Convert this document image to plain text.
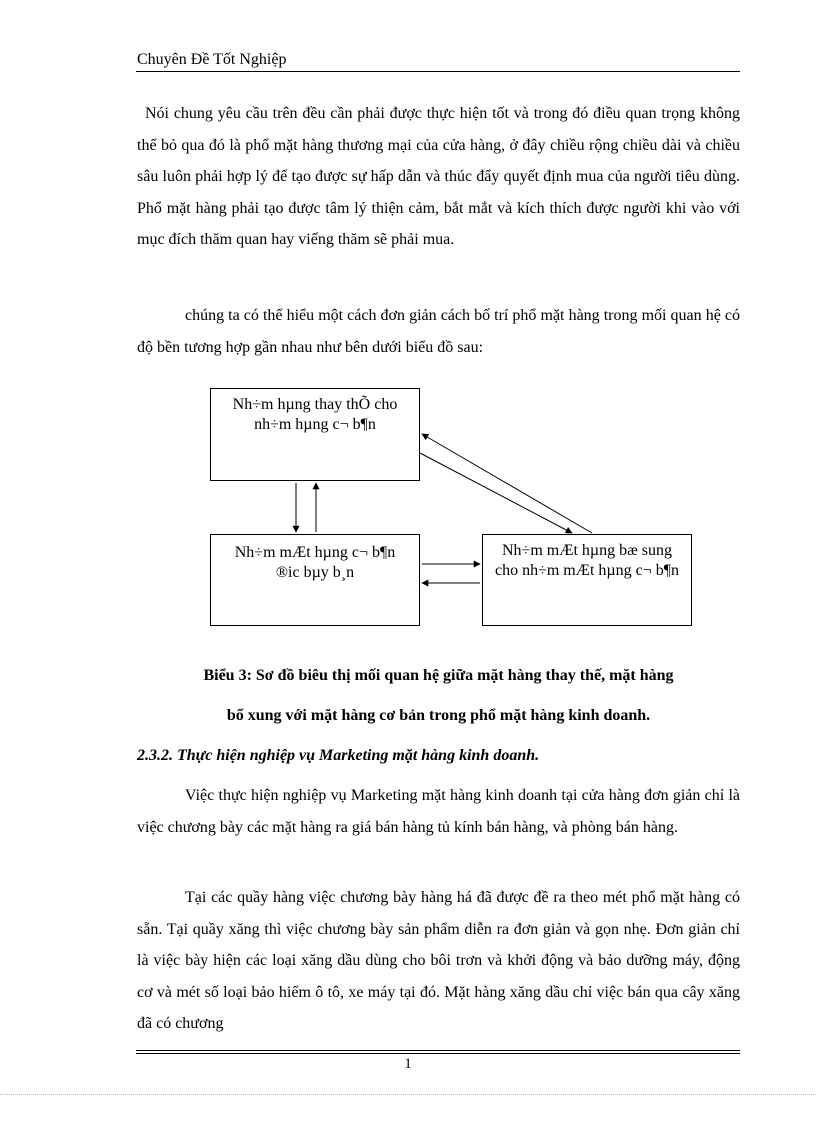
Chuyên Đề Tốt Nghiệp
Nói chung yêu cầu trên đều cần phải được thực hiện tốt và trong đó điều quan trọng không thể bỏ qua đó là phổ mặt hàng thương mại của cửa hàng, ở đây chiều rộng chiều dài và chiều sâu luôn phải hợp lý để tạo được sự hấp dẫn và thúc đẩy quyết định mua của người tiêu dùng. Phổ mặt hàng phải tạo được tâm lý thiện cảm, bắt mắt và kích thích được người khi vào với mục đích thăm quan hay viếng thăm sẽ phải mua.
chúng ta có thể hiểu một cách đơn giản cách bố trí phổ mặt hàng trong mối quan hệ có độ bền tương hợp gần nhau như bên dưới biểu đồ sau:
Nh÷m hµng thay thÕ cho nh÷m hµng c¬ b¶n
Nh÷m mÆt hµng c¬ b¶n ®ic bµy b¸n
Nh÷m mÆt hµng bæ sung cho nh÷m mÆt hµng c¬ b¶n
Biểu 3: Sơ đồ biêu thị mối quan hệ giữa mặt hàng thay thế, mặt hàng
bổ xung với mặt hàng cơ bản trong phổ mặt hàng kinh doanh.
2.3.2. Thực hiện nghiệp vụ Marketing mặt hàng kinh doanh.
Việc thực hiện nghiệp vụ Marketing mặt hàng kinh doanh tại cửa hàng đơn giản chỉ là việc chương bày các mặt hàng ra giá bán hàng tủ kính bán hàng, và phòng bán hàng.
Tại các quầy hàng việc chương bày hàng há đã được đề ra theo mét phổ mặt hàng có sẵn. Tại quầy xăng thì việc chương bày sản phẩm diễn ra đơn giản và gọn nhẹ. Đơn giản chỉ là việc bày hiện các loại xăng dầu dùng cho bôi trơn và khởi động và bảo dưỡng máy, động cơ và mét số loại bảo hiểm ô tô, xe máy tại đó. Mặt hàng xăng dầu chỉ việc bán qua cây xăng đã có chương
1
